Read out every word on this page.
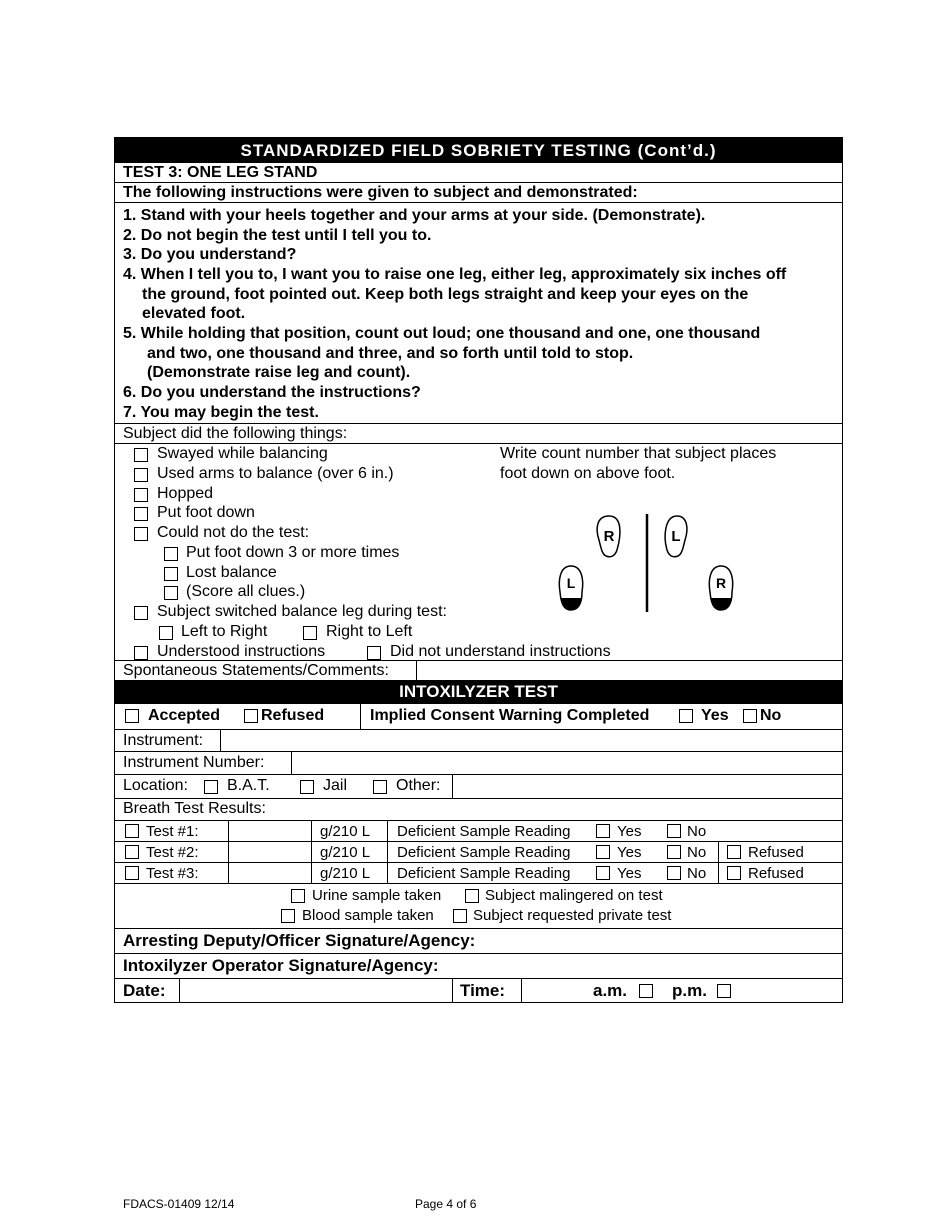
STANDARDIZED FIELD SOBRIETY TESTING (Cont’d.)
TEST 3: ONE LEG STAND
The following instructions were given to subject and demonstrated:
1. Stand with your heels together and your arms at your side. (Demonstrate).
2. Do not begin the test until I tell you to.
3. Do you understand?
4. When I tell you to, I want you to raise one leg, either leg, approximately six inches off
the ground, foot pointed out. Keep both legs straight and keep your eyes on the
elevated foot.
5. While holding that position, count out loud; one thousand and one, one thousand
and two, one thousand and three, and so forth until told to stop.
(Demonstrate raise leg and count).
6. Do you understand the instructions?
7. You may begin the test.
Subject did the following things:
Swayed while balancing
Used arms to balance (over 6 in.)
Hopped
Put foot down
Could not do the test:
Put foot down 3 or more times
Lost balance
(Score all clues.)
Subject switched balance leg during test:
Left to Right	Right to Left
Understood instructions	Did not understand instructions
Write count number that subject places
foot down on above foot.
R	L
L	R
Spontaneous Statements/Comments:
INTOXILYZER TEST
Accepted	Refused	Implied Consent Warning Completed	Yes No
Instrument:
Instrument Number:
Location: B.A.T.	Jail	Other:
Breath Test Results:
Test #1:	g/210 L Deficient Sample Reading	Yes	No
Test #2:	g/210 L Deficient Sample Reading	Yes	No	Refused
Test #3:	g/210 L Deficient Sample Reading	Yes	No	Refused
Urine sample taken	Subject malingered on test
Blood sample taken	Subject requested private test
Arresting Deputy/Officer Signature/Agency:
Intoxilyzer Operator Signature/Agency:
Date:	Time:	a.m.	p.m.
FDACS-01409 12/14	Page 4 of 6
